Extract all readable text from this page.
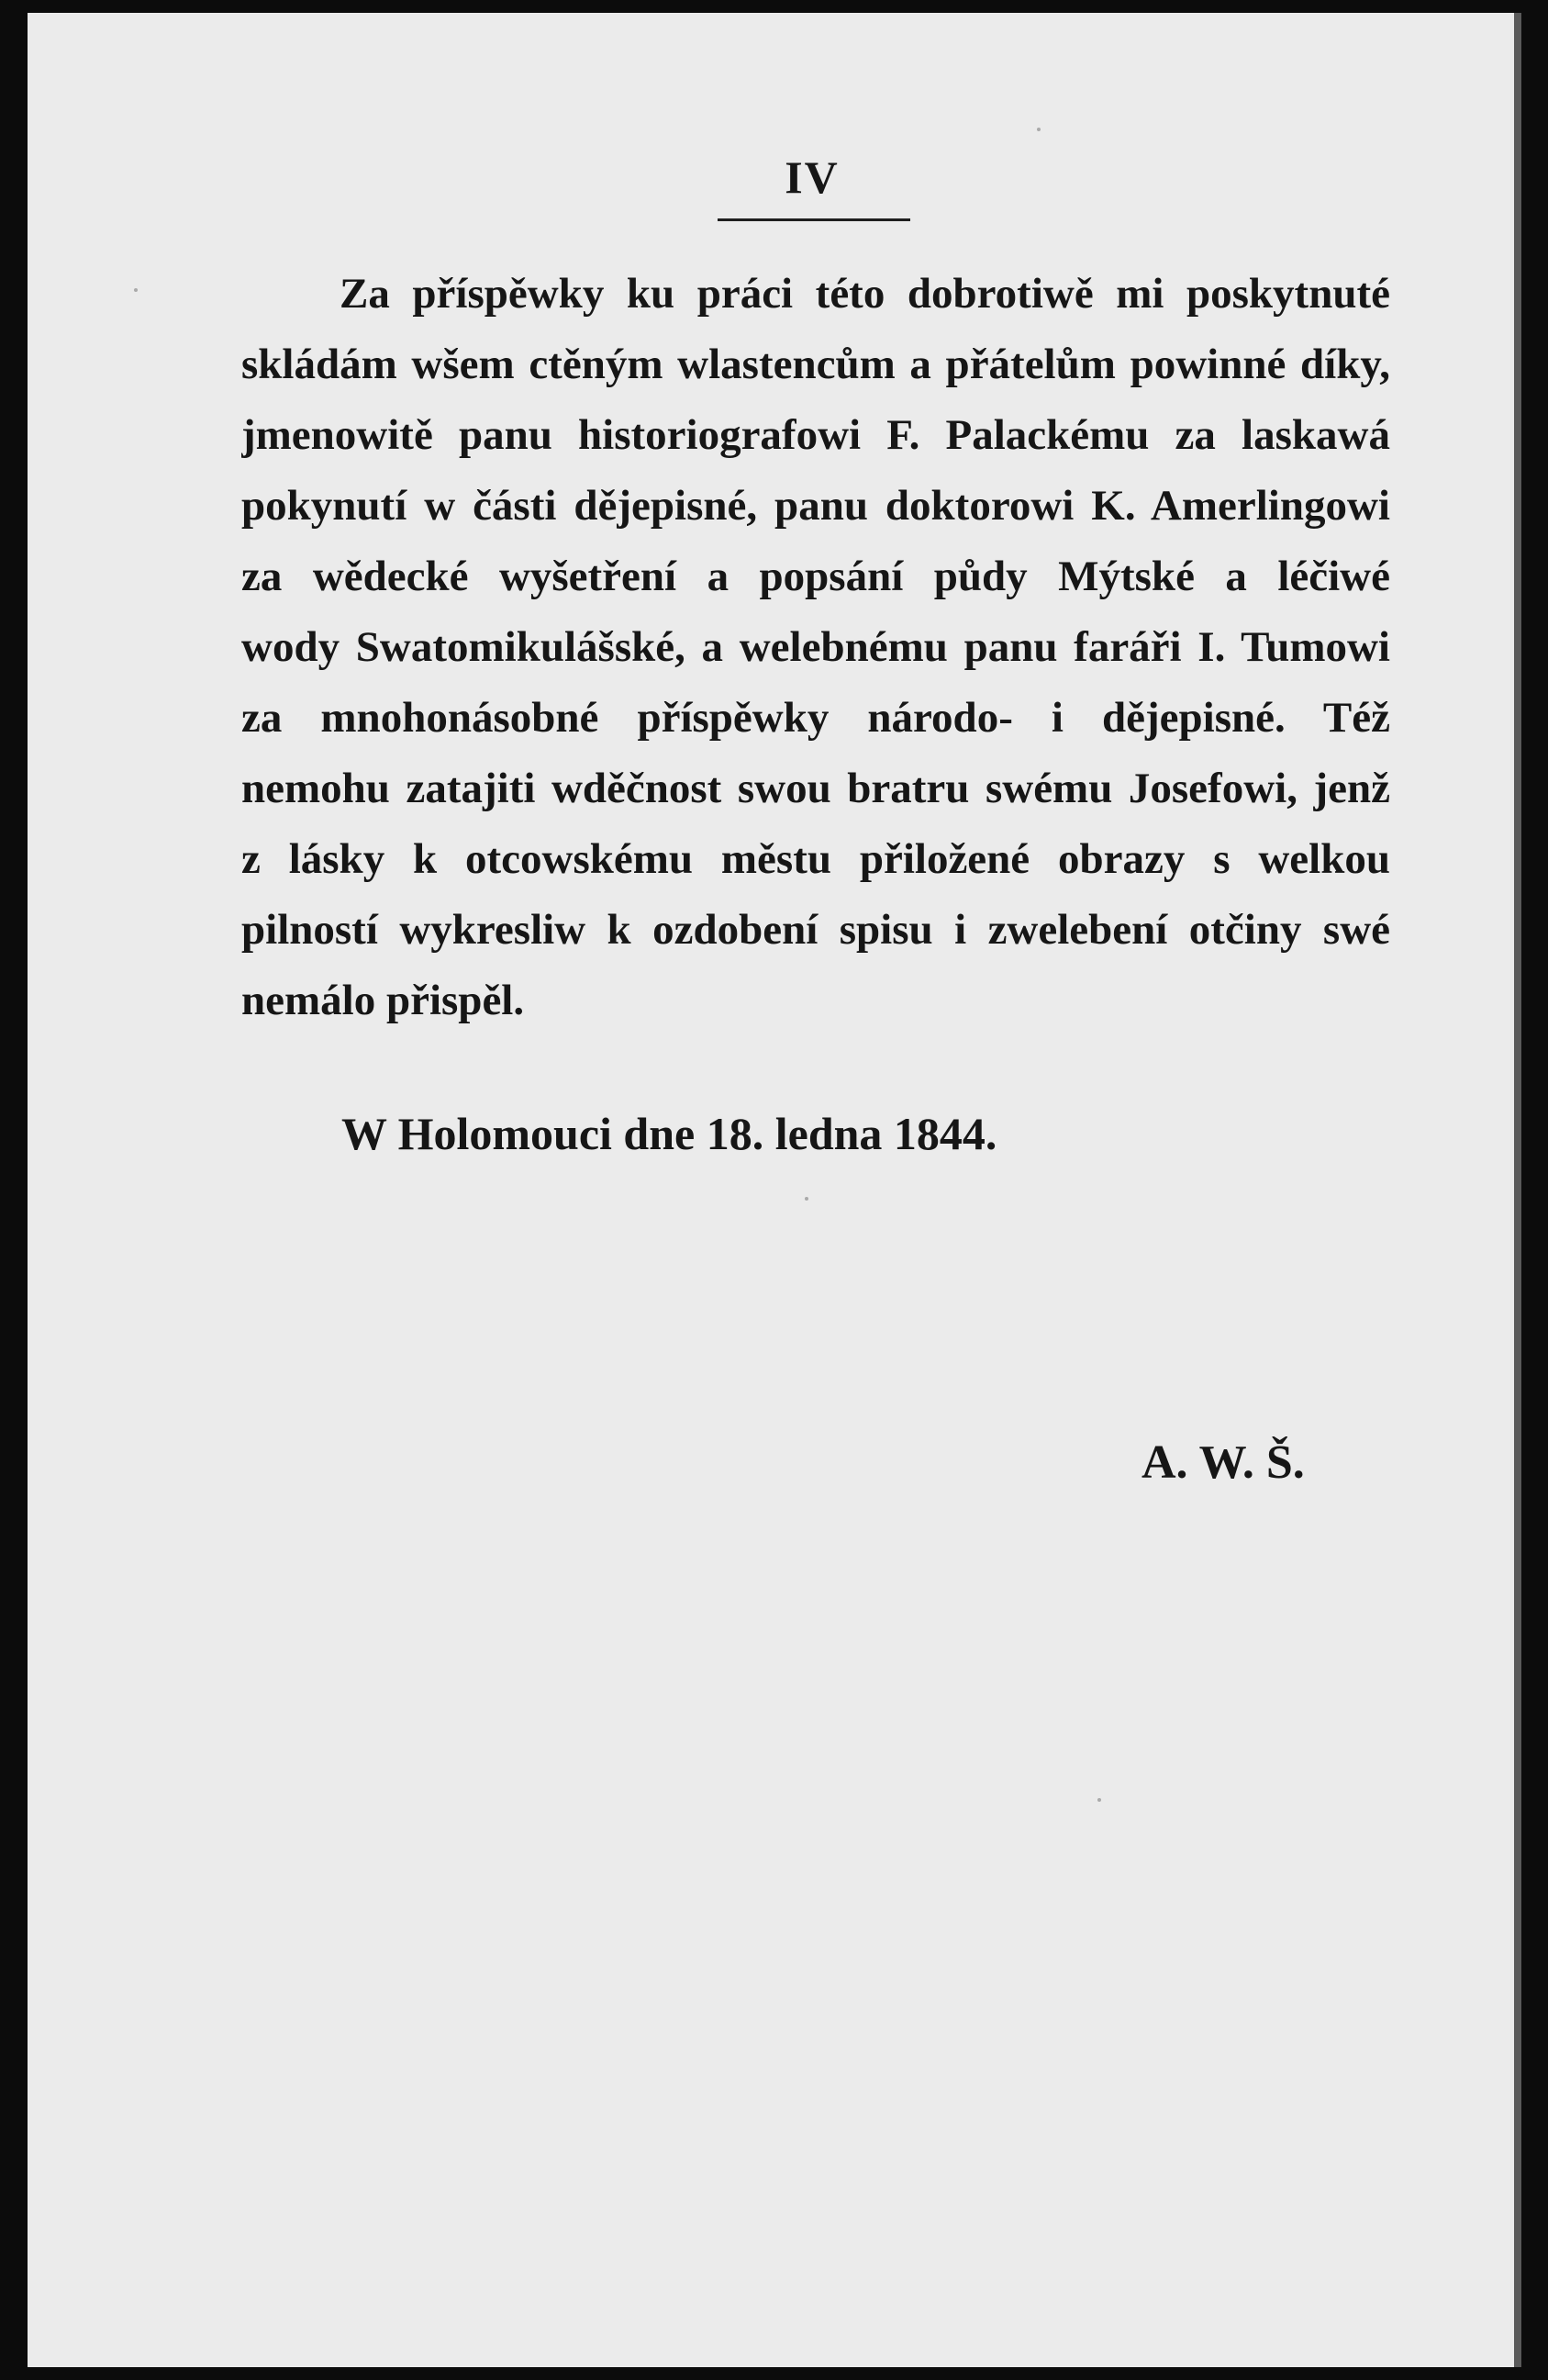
IV
Za příspěwky ku práci této dobrotiwě mi poskytnuté
skládám wšem ctěným wlastencům a přátelům powinné díky,
jmenowitě panu historiografowi F. Palackému za laskawá
pokynutí w části dějepisné, panu doktorowi K. Amerlingowi
za wědecké wyšetření a popsání půdy Mýtské a léčiwé
wody Swatomikulášské, a welebnému panu faráři I. Tumowi
za mnohonásobné příspěwky národo- i dějepisné. Též
nemohu zatajiti wděčnost swou bratru swému Josefowi, jenž
z lásky k otcowskému městu přiložené obrazy s welkou
pilností wykresliw k ozdobení spisu i zwelebení otčiny swé
nemálo přispěl.
W Holomouci dne 18. ledna 1844.
A. W. Š.
